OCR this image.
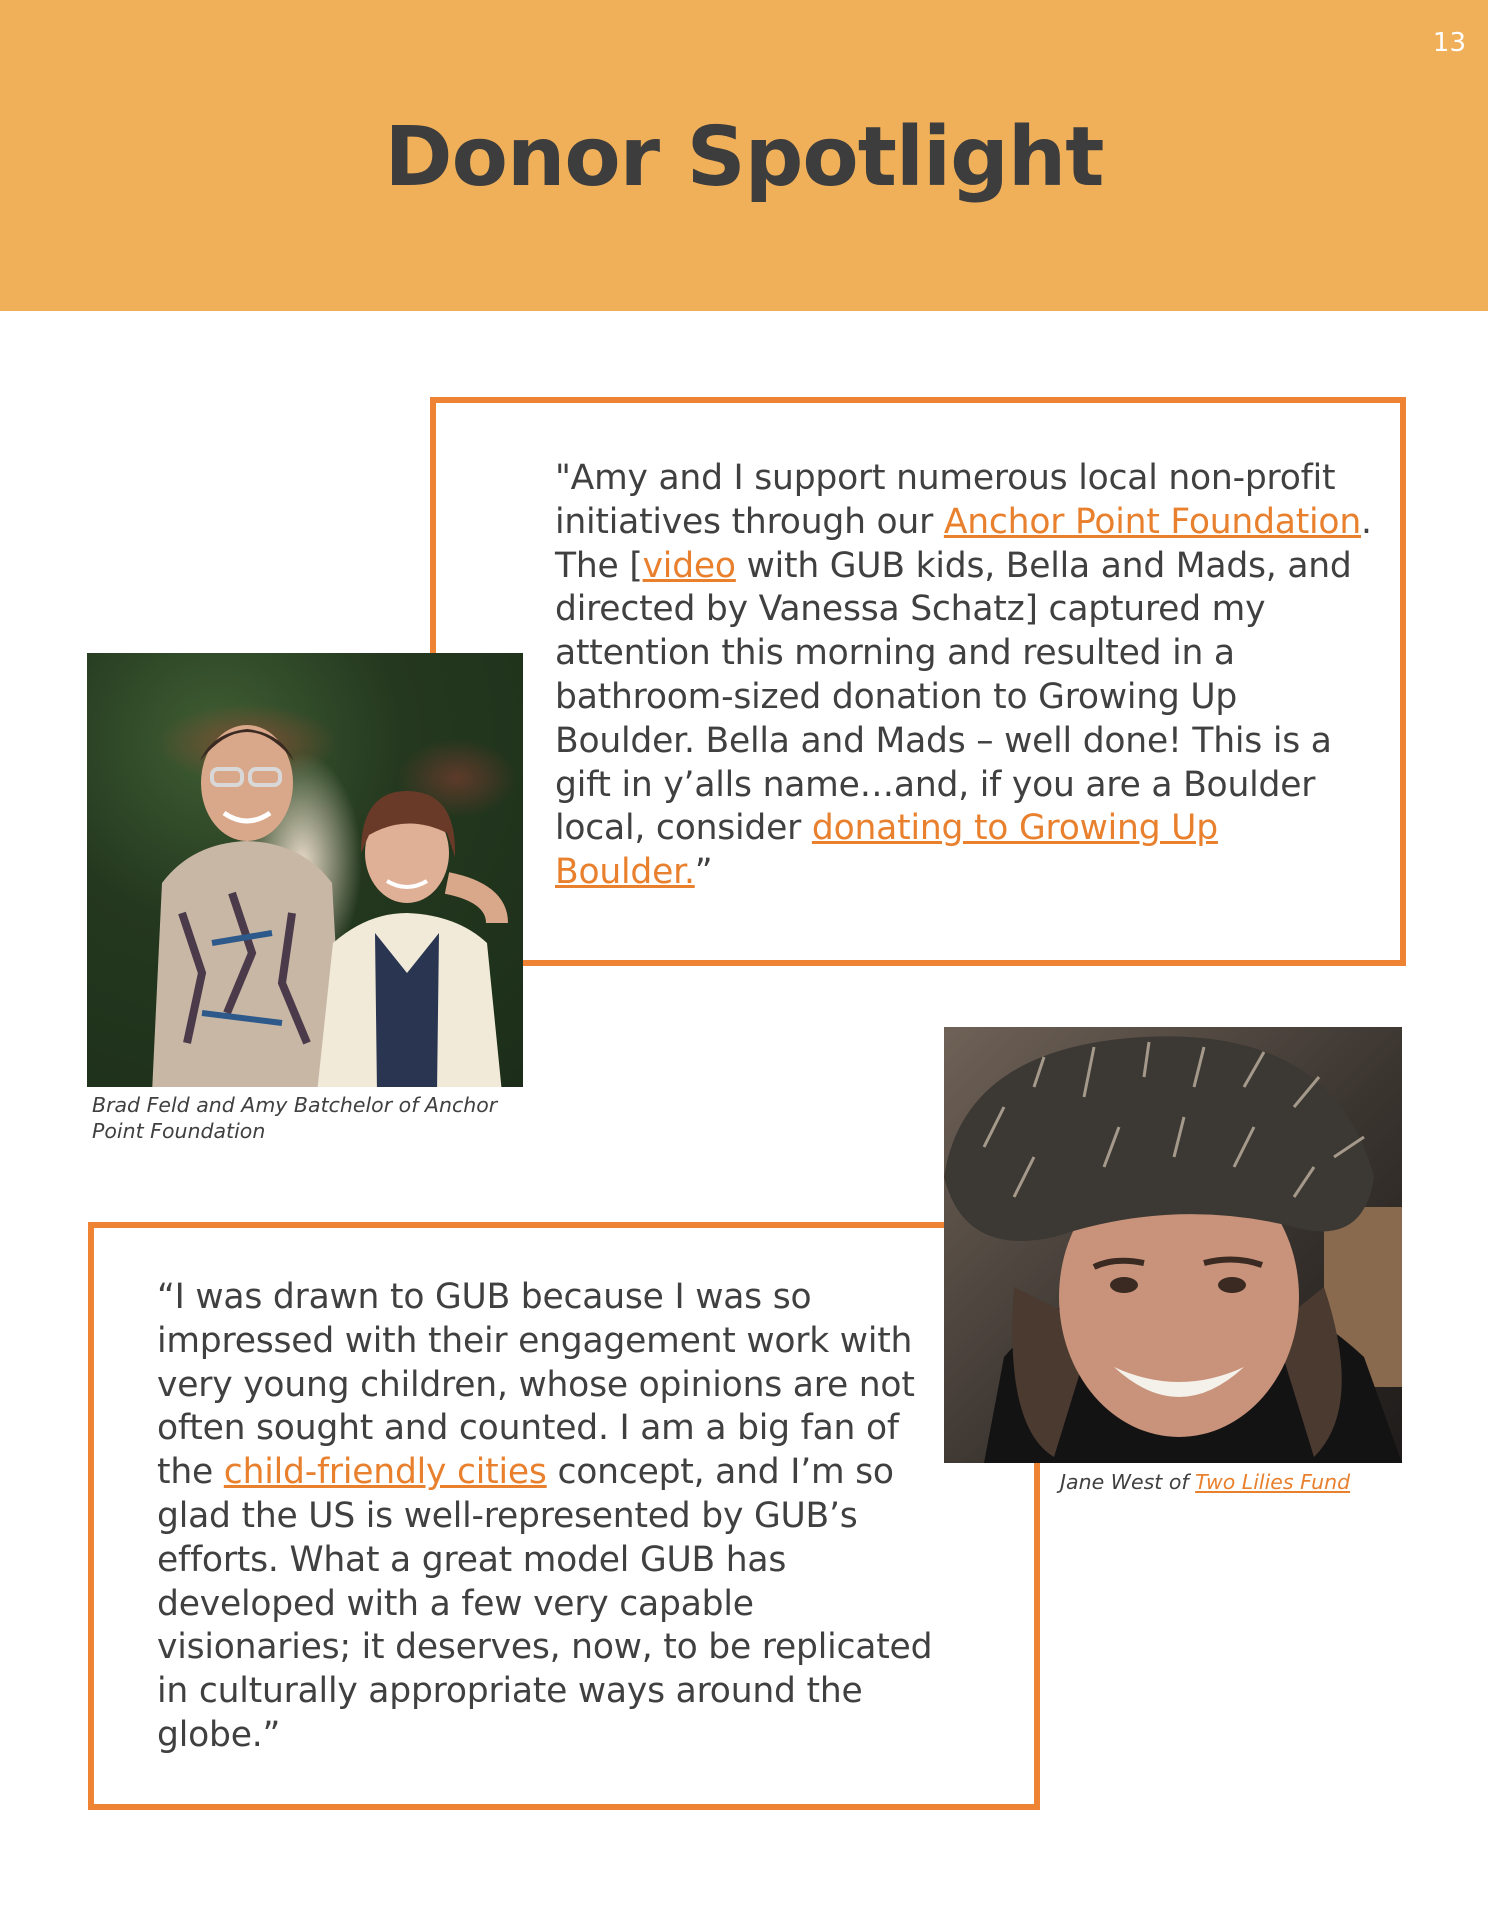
13
Donor Spotlight
"Amy and I support numerous local non-profit initiatives through our Anchor Point Foundation. The [video with GUB kids, Bella and Mads, and directed by Vanessa Schatz] captured my attention this morning and resulted in a bathroom-sized donation to Growing Up Boulder. Bella and Mads – well done! This is a gift in y’alls name…and, if you are a Boulder local, consider donating to Growing Up Boulder.”
Brad Feld and Amy Batchelor of Anchor Point Foundation
“I was drawn to GUB because I was so impressed with their engagement work with very young children, whose opinions are not often sought and counted. I am a big fan of the child-friendly cities concept, and I’m so glad the US is well-represented by GUB’s efforts. What a great model GUB has developed with a few very capable visionaries; it deserves, now, to be replicated in culturally appropriate ways around the globe.”
Jane West of Two Lilies Fund
